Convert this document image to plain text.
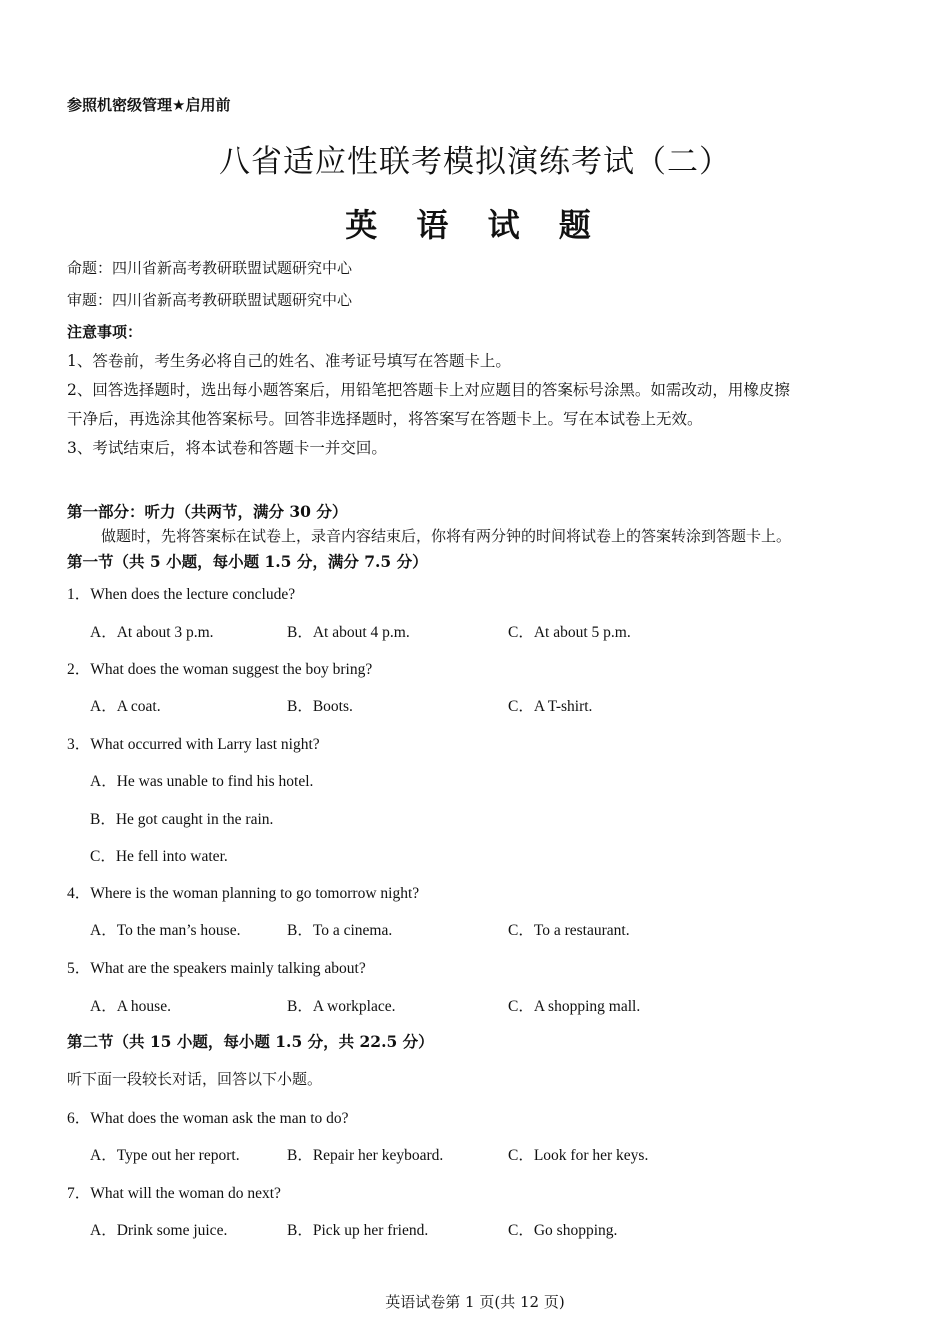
参照机密级管理★启用前
八省适应性联考模拟演练考试（二）
英 语 试 题
命题：四川省新高考教研联盟试题研究中心
审题：四川省新高考教研联盟试题研究中心
注意事项：
1、答卷前，考生务必将自己的姓名、准考证号填写在答题卡上。
2、回答选择题时，选出每小题答案后，用铅笔把答题卡上对应题目的答案标号涂黑。如需改动，用橡皮擦
干净后，再选涂其他答案标号。回答非选择题时，将答案写在答题卡上。写在本试卷上无效。
3、考试结束后，将本试卷和答题卡一并交回。
第一部分：听力（共两节，满分 30 分）
做题时，先将答案标在试卷上，录音内容结束后，你将有两分钟的时间将试卷上的答案转涂到答题卡上。
第一节（共 5 小题，每小题 1.5 分，满分 7.5 分）
1．When does the lecture conclude?
A．At about 3 p.m.	B．At about 4 p.m.	C．At about 5 p.m.
2．What does the woman suggest the boy bring?
A．A coat.	B．Boots.	C．A T-shirt.
3．What occurred with Larry last night?
A．He was unable to find his hotel.
B．He got caught in the rain.
C．He fell into water.
4．Where is the woman planning to go tomorrow night?
A．To the man’s house.	B．To a cinema.	C．To a restaurant.
5．What are the speakers mainly talking about?
A．A house.	B．A workplace.	C．A shopping mall.
第二节（共 15 小题，每小题 1.5 分，共 22.5 分）
听下面一段较长对话，回答以下小题。
6．What does the woman ask the man to do?
A．Type out her report.	B．Repair her keyboard.	C．Look for her keys.
7．What will the woman do next?
A．Drink some juice.	B．Pick up her friend.	C．Go shopping.
英语试卷第 1 页(共 12 页)
